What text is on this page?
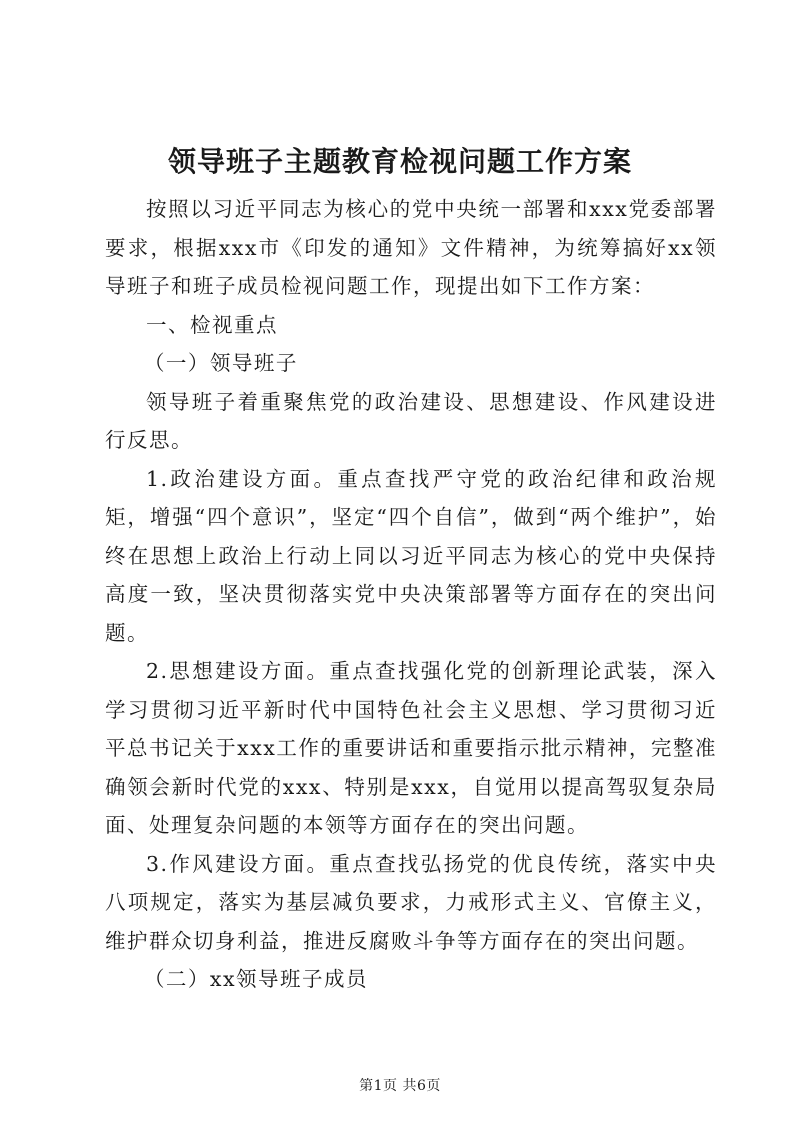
领导班子主题教育检视问题工作方案

按照以习近平同志为核心的党中央统一部署和xxx党委部署要求，根据xxx市《印发的通知》文件精神，为统筹搞好xx领导班子和班子成员检视问题工作，现提出如下工作方案：

一、检视重点

（一）领导班子

领导班子着重聚焦党的政治建设、思想建设、作风建设进行反思。

1.政治建设方面。重点查找严守党的政治纪律和政治规矩，增强“四个意识”，坚定“四个自信”，做到“两个维护”，始终在思想上政治上行动上同以习近平同志为核心的党中央保持高度一致，坚决贯彻落实党中央决策部署等方面存在的突出问题。

2.思想建设方面。重点查找强化党的创新理论武装，深入学习贯彻习近平新时代中国特色社会主义思想、学习贯彻习近平总书记关于xxx工作的重要讲话和重要指示批示精神，完整准确领会新时代党的xxx、特别是xxx，自觉用以提高驾驭复杂局面、处理复杂问题的本领等方面存在的突出问题。

3.作风建设方面。重点查找弘扬党的优良传统，落实中央八项规定，落实为基层减负要求，力戒形式主义、官僚主义，维护群众切身利益，推进反腐败斗争等方面存在的突出问题。

（二）xx领导班子成员

第1页 共6页
